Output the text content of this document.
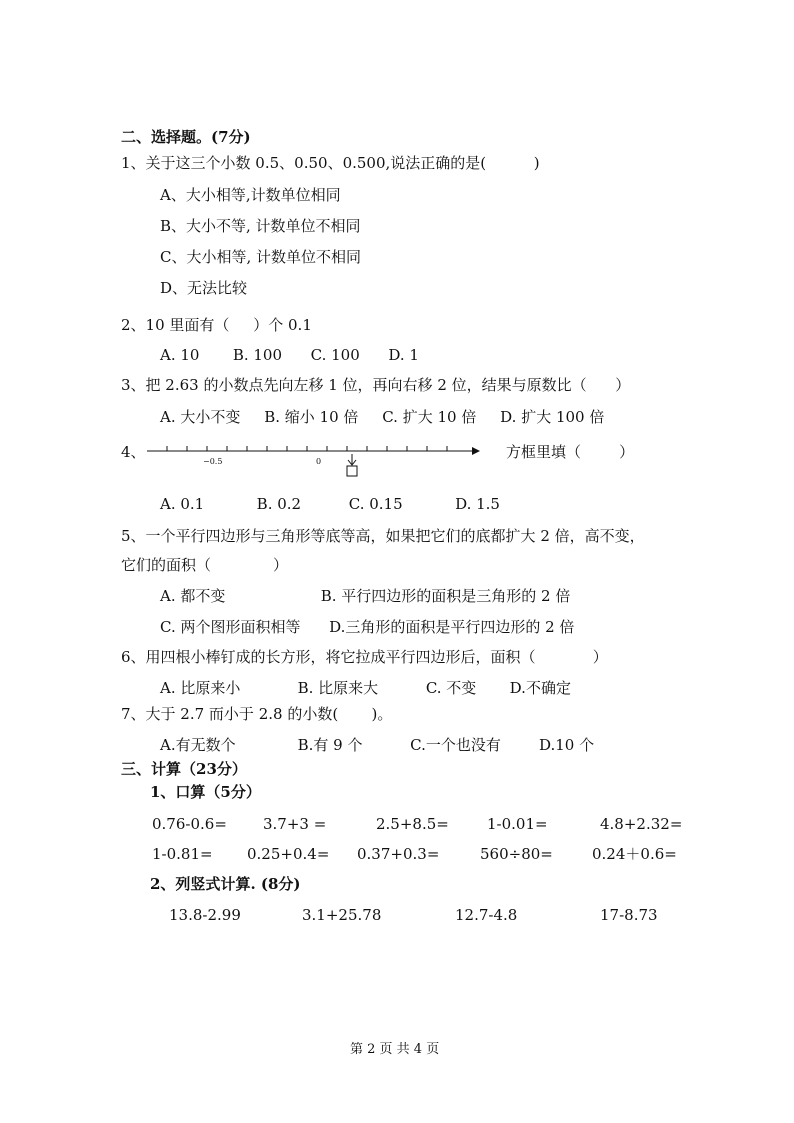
二、选择题。(7分)
1、关于这三个小数 0.5、0.50、0.500,说法正确的是(          )
A、大小相等,计数单位相同
B、大小不等, 计数单位不相同
C、大小相等, 计数单位不相同
D、无法比较
2、10 里面有（     ）个 0.1
A. 10       B. 100      C. 100      D. 1
3、把 2.63 的小数点先向左移 1 位，再向右移 2 位，结果与原数比（      ）
A. 大小不变     B. 缩小 10 倍     C. 扩大 10 倍     D. 扩大 100 倍
4、
−0.5	0
方框里填（        ）
A. 0.1           B. 0.2          C. 0.15           D. 1.5
5、一个平行四边形与三角形等底等高，如果把它们的底都扩大 2 倍，高不变，
它们的面积（             ）
A. 都不变                    B. 平行四边形的面积是三角形的 2 倍
C. 两个图形面积相等      D.三角形的面积是平行四边形的 2 倍
6、用四根小棒钉成的长方形，将它拉成平行四边形后，面积（            ）
A. 比原来小            B. 比原来大          C. 不变       D.不确定
7、大于 2.7 而小于 2.8 的小数(       )。
A.有无数个             B.有 9 个          C.一个也没有        D.10 个
三、计算（23分）
1、口算（5分）
0.76-0.6= 3.7+3 =	2.5+8.5=	1-0.01=	4.8+2.32=
1-0.81= 0.25+0.4= 0.37+0.3=	560÷80=	0.24＋0.6=
2、列竖式计算. (8分)
13.8-2.99	3.1+25.78	12.7-4.8	17-8.73
第 2 页 共 4 页
